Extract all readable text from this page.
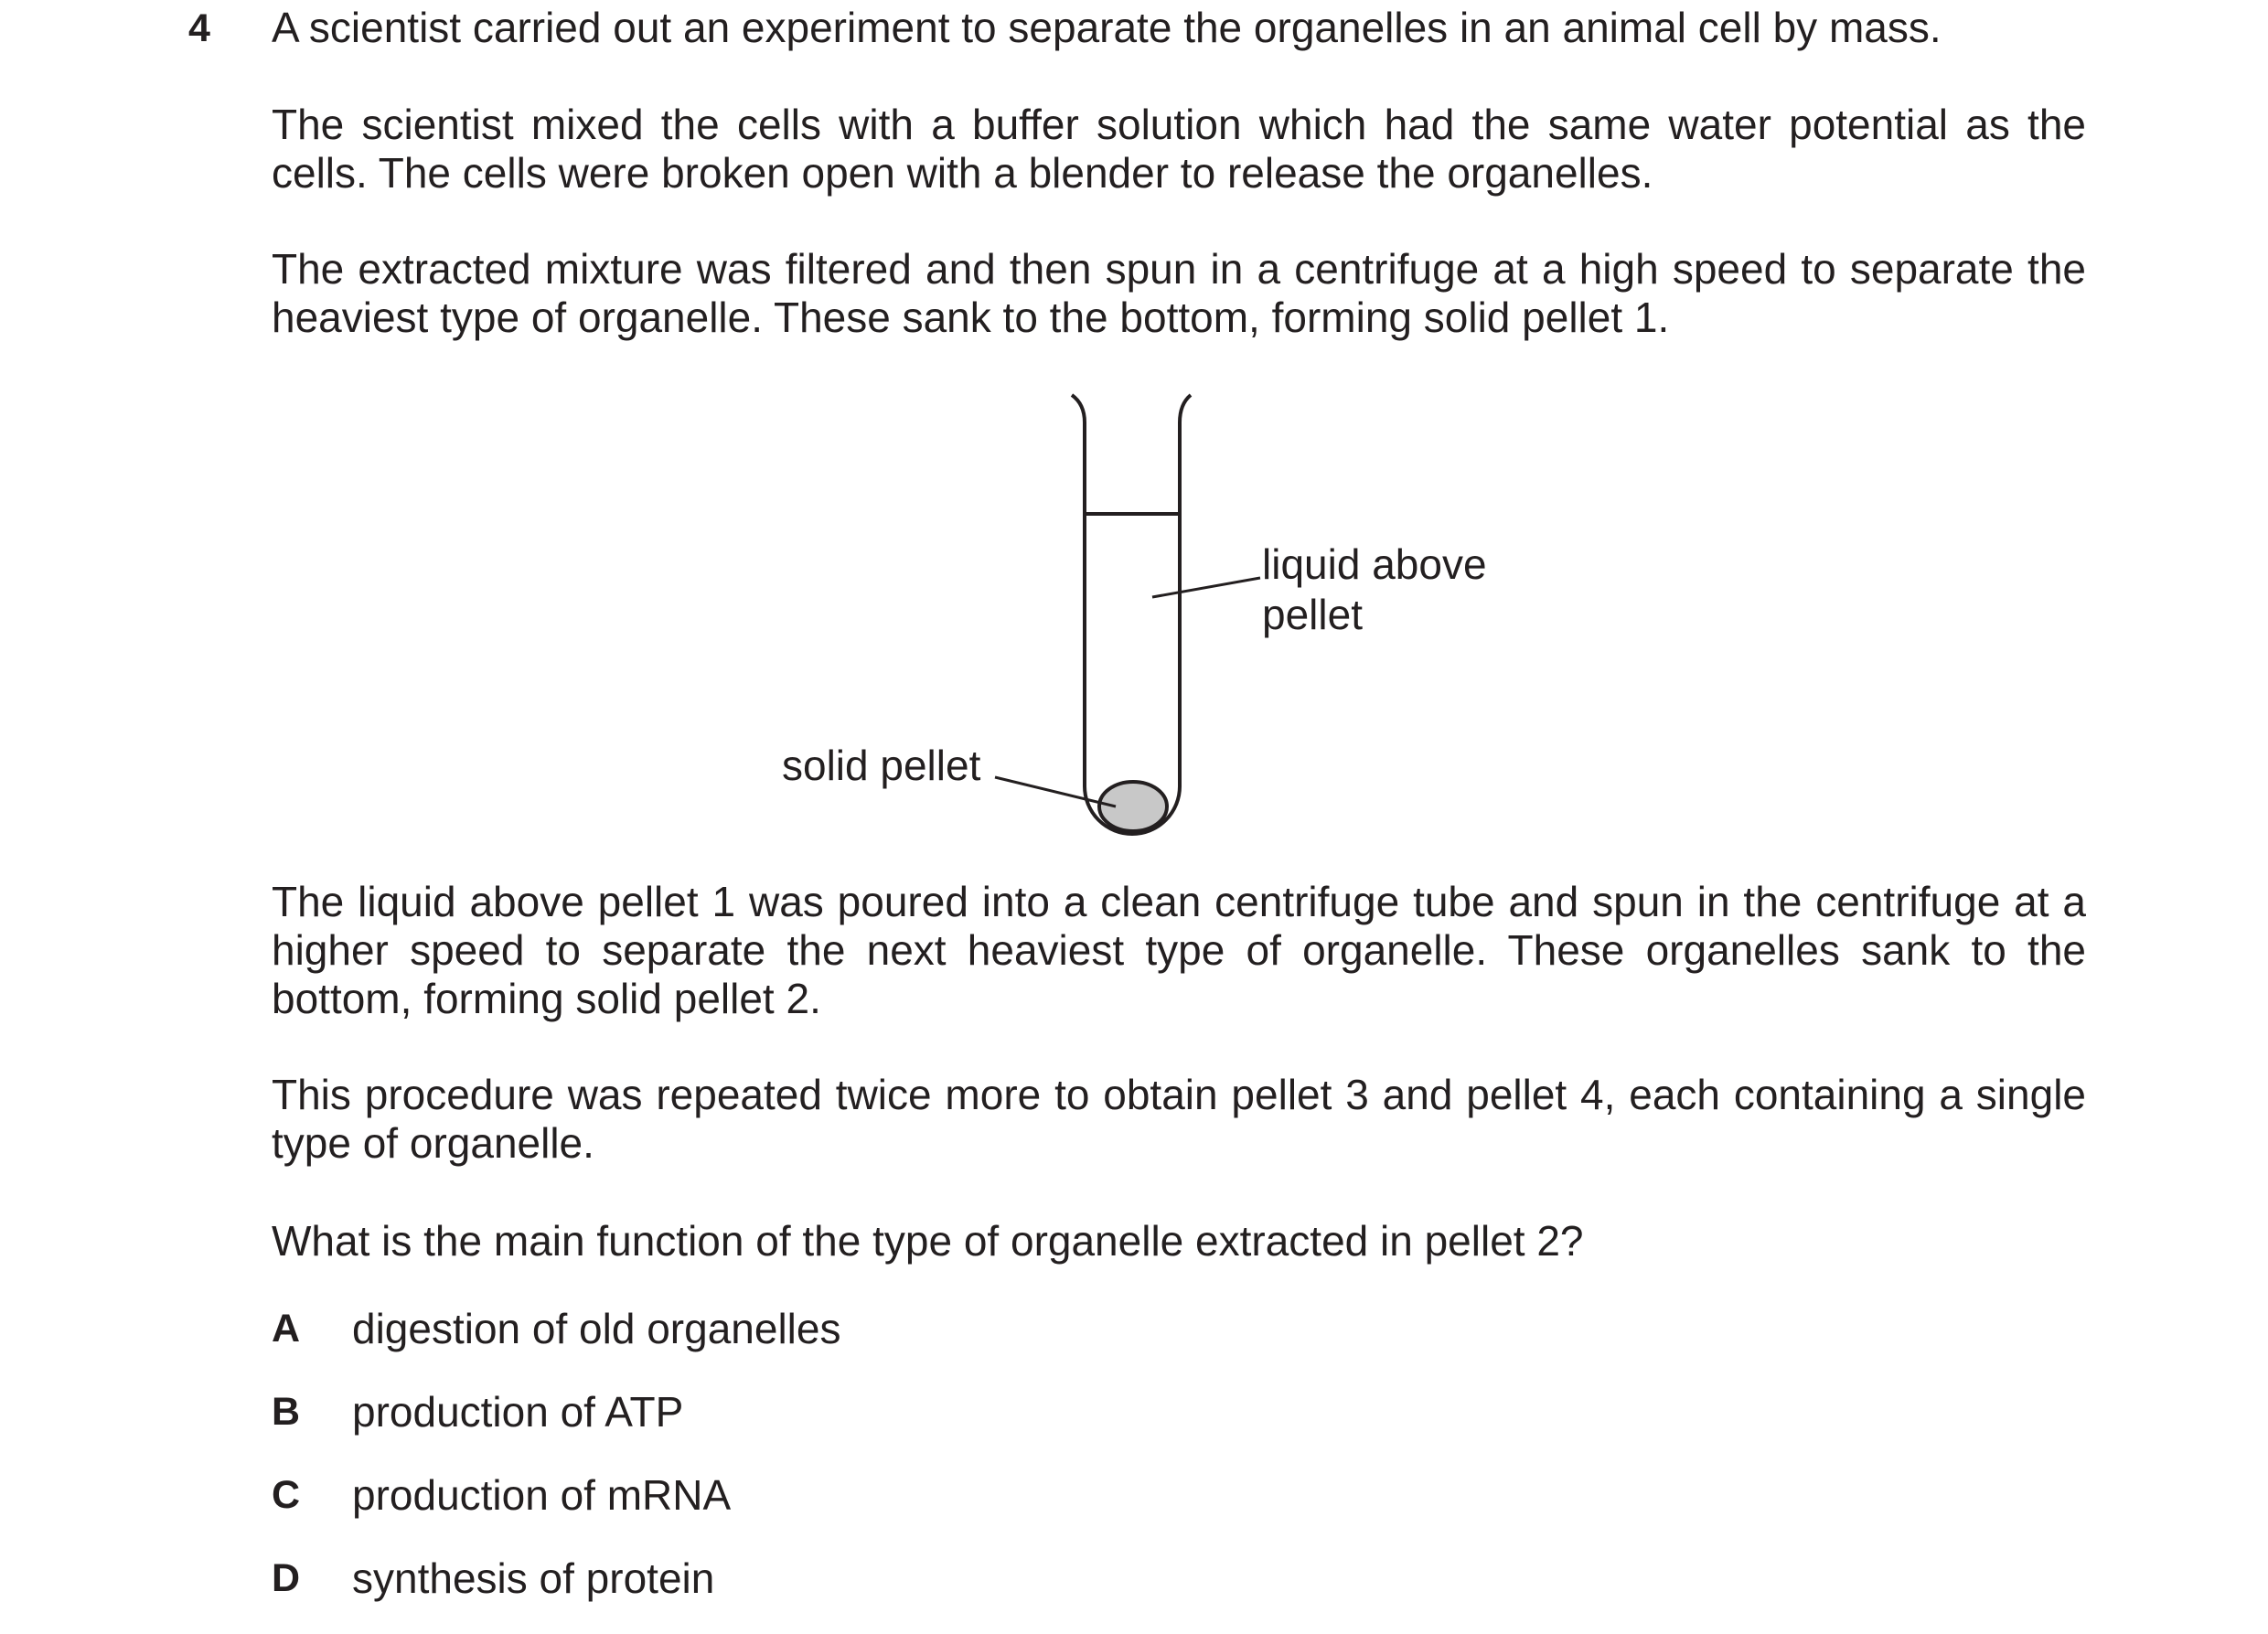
4 A scientist carried out an experiment to separate the organelles in an animal cell by mass.

The scientist mixed the cells with a buffer solution which had the same water potential as the cells. The cells were broken open with a blender to release the organelles.

The extracted mixture was filtered and then spun in a centrifuge at a high speed to separate the heaviest type of organelle. These sank to the bottom, forming solid pellet 1.

liquid above pellet
solid pellet

The liquid above pellet 1 was poured into a clean centrifuge tube and spun in the centrifuge at a higher speed to separate the next heaviest type of organelle. These organelles sank to the bottom, forming solid pellet 2.

This procedure was repeated twice more to obtain pellet 3 and pellet 4, each containing a single type of organelle.

What is the main function of the type of organelle extracted in pellet 2?

A	digestion of old organelles
B	production of ATP
C	production of mRNA
D	synthesis of protein
